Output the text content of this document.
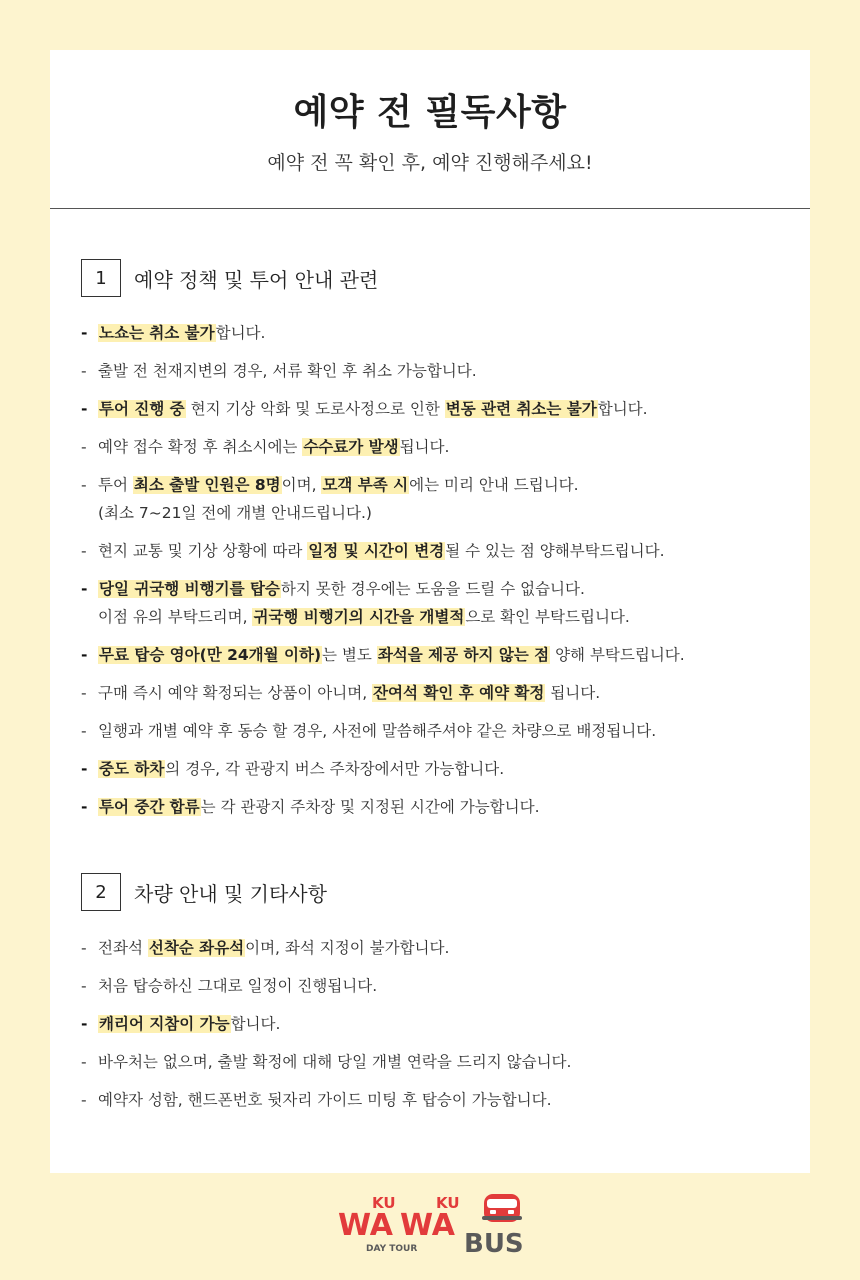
예약 전 필독사항
예약 전 꼭 확인 후, 예약 진행해주세요!
1	예약 정책 및 투어 안내 관련
- 노쇼는 취소 불가합니다.
- 출발 전 천재지변의 경우, 서류 확인 후 취소 가능합니다.
- 투어 진행 중 현지 기상 악화 및 도로사정으로 인한 변동 관련 취소는 불가합니다.
- 예약 접수 확정 후 취소시에는 수수료가 발생됩니다.
- 투어 최소 출발 인원은 8명이며, 모객 부족 시에는 미리 안내 드립니다.
(최소 7~21일 전에 개별 안내드립니다.)
- 현지 교통 및 기상 상황에 따라 일정 및 시간이 변경될 수 있는 점 양해부탁드립니다.
- 당일 귀국행 비행기를 탑승하지 못한 경우에는 도움을 드릴 수 없습니다.
이점 유의 부탁드리며, 귀국행 비행기의 시간을 개별적으로 확인 부탁드립니다.
- 무료 탑승 영아(만 24개월 이하)는 별도 좌석을 제공 하지 않는 점 양해 부탁드립니다.
- 구매 즉시 예약 확정되는 상품이 아니며, 잔여석 확인 후 예약 확정 됩니다.
- 일행과 개별 예약 후 동승 할 경우, 사전에 말씀해주셔야 같은 차량으로 배정됩니다.
- 중도 하차의 경우, 각 관광지 버스 주차장에서만 가능합니다.
- 투어 중간 합류는 각 관광지 주차장 및 지정된 시간에 가능합니다.
2	차량 안내 및 기타사항
- 전좌석 선착순 좌유석이며, 좌석 지정이 불가합니다.
- 처음 탑승하신 그대로 일정이 진행됩니다.
- 캐리어 지참이 가능합니다.
- 바우처는 없으며, 출발 확정에 대해 당일 개별 연락을 드리지 않습니다.
- 예약자 성함, 핸드폰번호 뒷자리 가이드 미팅 후 탑승이 가능합니다.
WA
KU
WA
KU
BUS
DAY TOUR
